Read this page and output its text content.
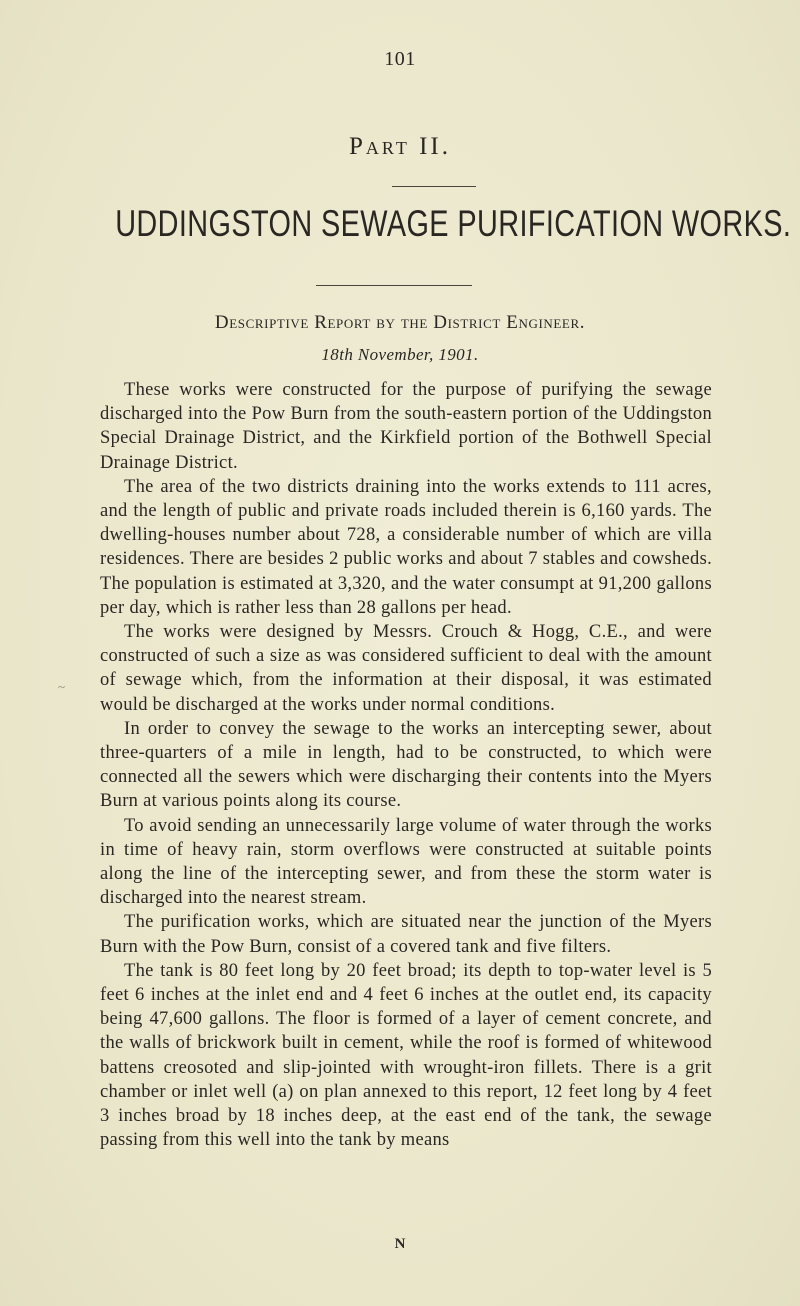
101
Part II.
UDDINGSTON SEWAGE PURIFICATION WORKS.
Descriptive Report by the District Engineer.
18th November, 1901.
~

These works were constructed for the purpose of purifying the sewage discharged into the Pow Burn from the south-eastern portion of the Uddingston Special Drainage District, and the Kirkfield portion of the Bothwell Special Drainage District.

The area of the two districts draining into the works extends to 111 acres, and the length of public and private roads included therein is 6,160 yards. The dwelling-houses number about 728, a considerable number of which are villa residences. There are besides 2 public works and about 7 stables and cowsheds. The population is estimated at 3,320, and the water consumpt at 91,200 gallons per day, which is rather less than 28 gallons per head.

The works were designed by Messrs. Crouch & Hogg, C.E., and were constructed of such a size as was considered sufficient to deal with the amount of sewage which, from the information at their disposal, it was estimated would be discharged at the works under normal conditions.

In order to convey the sewage to the works an intercepting sewer, about three-quarters of a mile in length, had to be constructed, to which were connected all the sewers which were discharging their contents into the Myers Burn at various points along its course.

To avoid sending an unnecessarily large volume of water through the works in time of heavy rain, storm overflows were constructed at suitable points along the line of the intercepting sewer, and from these the storm water is discharged into the nearest stream.

The purification works, which are situated near the junction of the Myers Burn with the Pow Burn, consist of a covered tank and five filters.

The tank is 80 feet long by 20 feet broad; its depth to top-water level is 5 feet 6 inches at the inlet end and 4 feet 6 inches at the outlet end, its capacity being 47,600 gallons. The floor is formed of a layer of cement concrete, and the walls of brickwork built in cement, while the roof is formed of whitewood battens creosoted and slip-jointed with wrought-iron fillets. There is a grit chamber or inlet well (a) on plan annexed to this report, 12 feet long by 4 feet 3 inches broad by 18 inches deep, at the east end of the tank, the sewage passing from this well into the tank by means

N
